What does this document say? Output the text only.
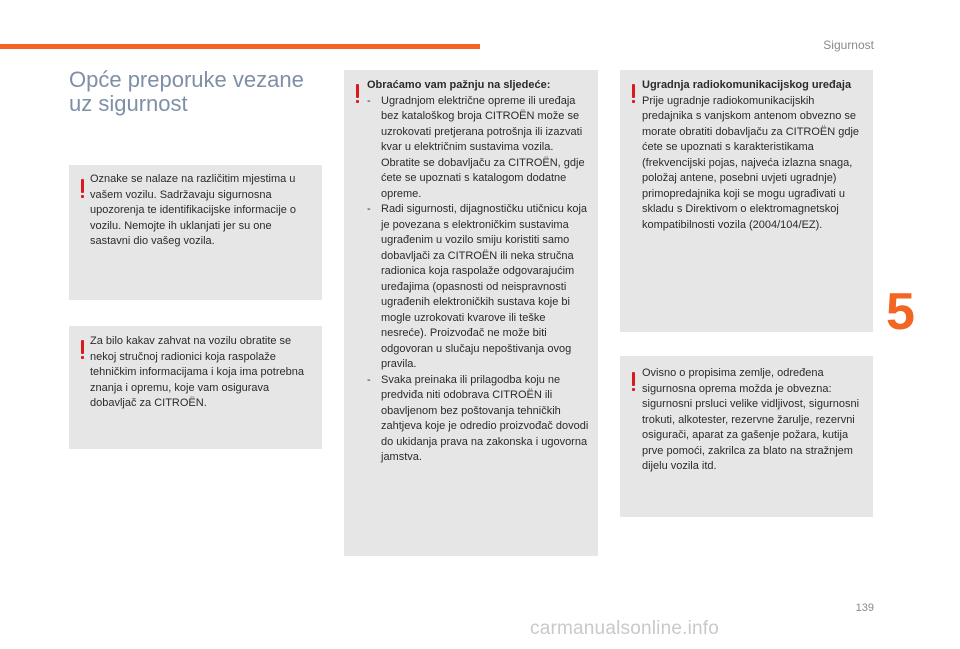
Sigurnost
5
139
Opće preporuke vezane uz sigurnost
Oznake se nalaze na različitim mjestima u vašem vozilu. Sadržavaju sigurnosna upozorenja te identifikacijske informacije o vozilu. Nemojte ih uklanjati jer su one sastavni dio vašeg vozila.
Za bilo kakav zahvat na vozilu obratite se nekoj stručnoj radionici koja raspolaže tehničkim informacijama i koja ima potrebna znanja i opremu, koje vam osigurava dobavljač za CITROËN.
Obraćamo vam pažnju na sljedeće:
- Ugradnjom električne opreme ili uređaja bez kataloškog broja CITROËN može se uzrokovati pretjerana potrošnja ili izazvati kvar u električnim sustavima vozila. Obratite se dobavljaču za CITROËN, gdje ćete se upoznati s katalogom dodatne opreme.
- Radi sigurnosti, dijagnostičku utičnicu koja je povezana s elektroničkim sustavima ugrađenim u vozilo smiju koristiti samo dobavljači za CITROËN ili neka stručna radionica koja raspolaže odgovarajućim uređajima (opasnosti od neispravnosti ugrađenih elektroničkih sustava koje bi mogle uzrokovati kvarove ili teške nesreće). Proizvođač ne može biti odgovoran u slučaju nepoštivanja ovog pravila.
- Svaka preinaka ili prilagodba koju ne predviđa niti odobrava CITROËN ili obavljenom bez poštovanja tehničkih zahtjeva koje je odredio proizvođač dovodi do ukidanja prava na zakonska i ugovorna jamstva.
Ugradnja radiokomunikacijskog uređaja
Prije ugradnje radiokomunikacijskih predajnika s vanjskom antenom obvezno se morate obratiti dobavljaču za CITROËN gdje ćete se upoznati s karakteristikama (frekvencijski pojas, najveća izlazna snaga, položaj antene, posebni uvjeti ugradnje) primopredajnika koji se mogu ugrađivati u skladu s Direktivom o elektromagnetskoj kompatibilnosti vozila (2004/104/EZ).
Ovisno o propisima zemlje, određena sigurnosna oprema možda je obvezna: sigurnosni prsluci velike vidljivost, sigurnosni trokuti, alkotester, rezervne žarulje, rezervni osigurači, aparat za gašenje požara, kutija prve pomoći, zakrilca za blato na stražnjem dijelu vozila itd.
carmanualsonline.info
